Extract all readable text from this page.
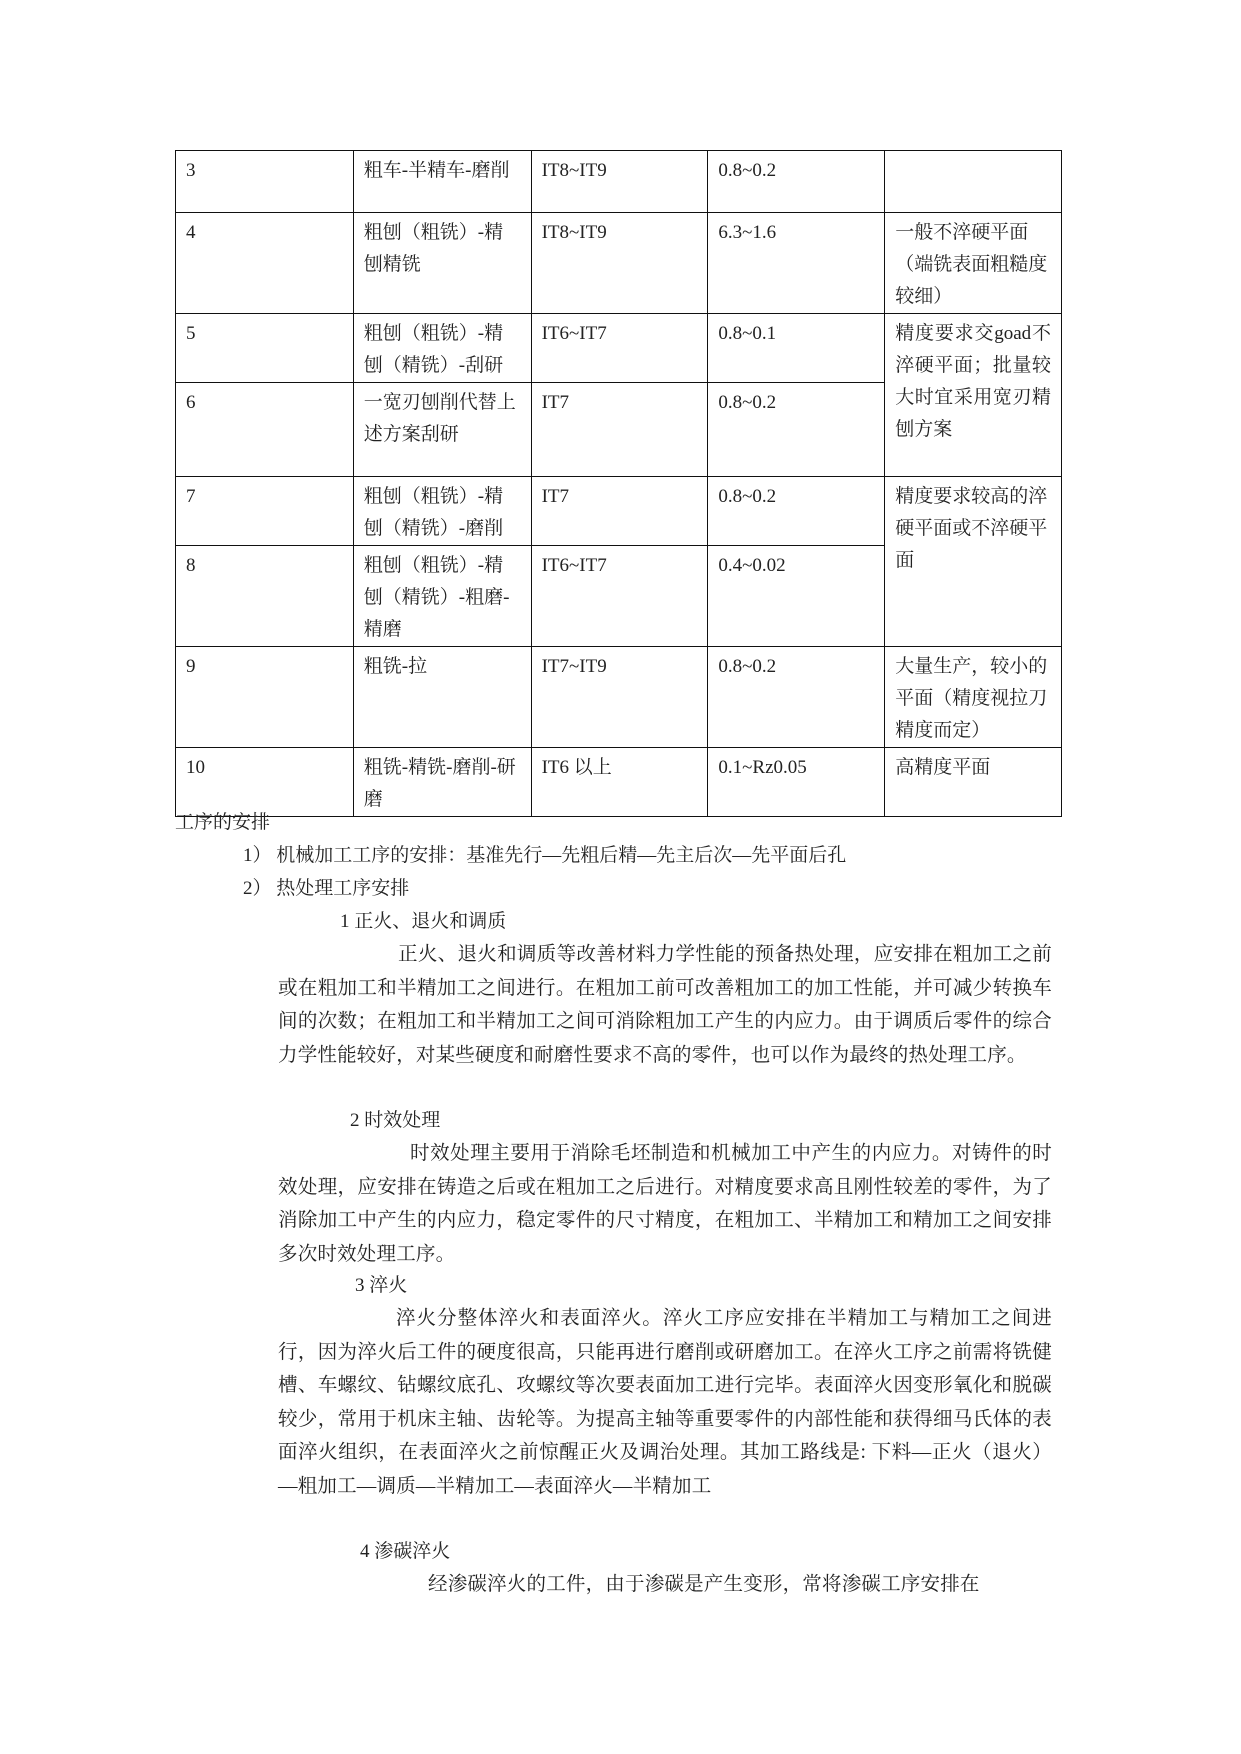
3	粗车-半精车-磨削	IT8~IT9	0.8~0.2	
4	粗刨（粗铣）-精刨精铣	IT8~IT9	6.3~1.6	一般不淬硬平面（端铣表面粗糙度较细）
5	粗刨（粗铣）-精刨（精铣）-刮研	IT6~IT7	0.8~0.1	精度要求交goad不淬硬平面；批量较大时宜采用宽刃精刨方案
6	一宽刃刨削代替上述方案刮研	IT7	0.8~0.2	
7	粗刨（粗铣）-精刨（精铣）-磨削	IT7	0.8~0.2	精度要求较高的淬硬平面或不淬硬平面
8	粗刨（粗铣）-精刨（精铣）-粗磨-精磨	IT6~IT7	0.4~0.02	
9	粗铣-拉	IT7~IT9	0.8~0.2	大量生产，较小的平面（精度视拉刀精度而定）
10	粗铣-精铣-磨削-研磨	IT6 以上	0.1~Rz0.05	高精度平面
工序的安排
1） 机械加工工序的安排：基准先行—先粗后精—先主后次—先平面后孔
2） 热处理工序安排
1 正火、退火和调质

正火、退火和调质等改善材料力学性能的预备热处理，应安排在粗加工之前或在粗加工和半精加工之间进行。在粗加工前可改善粗加工的加工性能，并可减少转换车间的次数；在粗加工和半精加工之间可消除粗加工产生的内应力。由于调质后零件的综合力学性能较好，对某些硬度和耐磨性要求不高的零件，也可以作为最终的热处理工序。

2 时效处理

时效处理主要用于消除毛坯制造和机械加工中产生的内应力。对铸件的时效处理，应安排在铸造之后或在粗加工之后进行。对精度要求高且刚性较差的零件，为了消除加工中产生的内应力，稳定零件的尺寸精度，在粗加工、半精加工和精加工之间安排多次时效处理工序。

3 淬火

淬火分整体淬火和表面淬火。淬火工序应安排在半精加工与精加工之间进行，因为淬火后工件的硬度很高，只能再进行磨削或研磨加工。在淬火工序之前需将铣健槽、车螺纹、钻螺纹底孔、攻螺纹等次要表面加工进行完毕。表面淬火因变形氧化和脱碳较少，常用于机床主轴、齿轮等。为提高主轴等重要零件的内部性能和获得细马氏体的表面淬火组织，在表面淬火之前惊醒正火及调治处理。其加工路线是: 下料—正火（退火）—粗加工—调质—半精加工—表面淬火—半精加工

4 渗碳淬火

经渗碳淬火的工件，由于渗碳是产生变形，常将渗碳工序安排在
